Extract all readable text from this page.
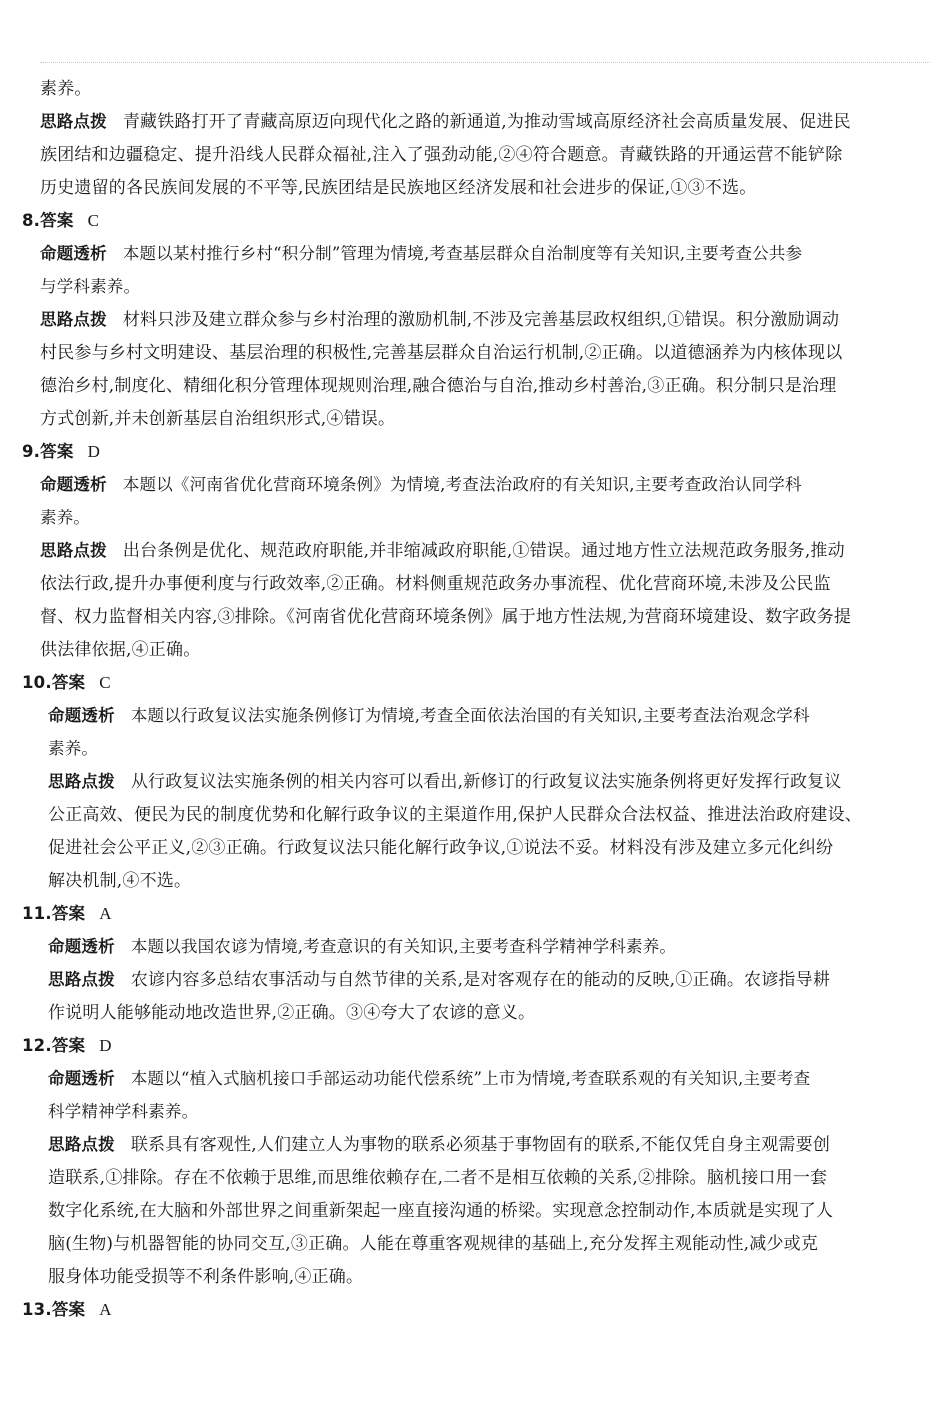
素养。
思路点拨 青藏铁路打开了青藏高原迈向现代化之路的新通道,为推动雪域高原经济社会高质量发展、促进民
族团结和边疆稳定、提升沿线人民群众福祉,注入了强劲动能,②④符合题意。青藏铁路的开通运营不能铲除
历史遗留的各民族间发展的不平等,民族团结是民族地区经济发展和社会进步的保证,①③不选。
8.答案 C
命题透析 本题以某村推行乡村“积分制”管理为情境,考查基层群众自治制度等有关知识,主要考查公共参
与学科素养。
思路点拨 材料只涉及建立群众参与乡村治理的激励机制,不涉及完善基层政权组织,①错误。积分激励调动
村民参与乡村文明建设、基层治理的积极性,完善基层群众自治运行机制,②正确。以道德涵养为内核体现以
德治乡村,制度化、精细化积分管理体现规则治理,融合德治与自治,推动乡村善治,③正确。积分制只是治理
方式创新,并未创新基层自治组织形式,④错误。
9.答案 D
命题透析 本题以《河南省优化营商环境条例》为情境,考查法治政府的有关知识,主要考查政治认同学科
素养。
思路点拨 出台条例是优化、规范政府职能,并非缩减政府职能,①错误。通过地方性立法规范政务服务,推动
依法行政,提升办事便利度与行政效率,②正确。材料侧重规范政务办事流程、优化营商环境,未涉及公民监
督、权力监督相关内容,③排除。《河南省优化营商环境条例》属于地方性法规,为营商环境建设、数字政务提
供法律依据,④正确。
10.答案 C
命题透析 本题以行政复议法实施条例修订为情境,考查全面依法治国的有关知识,主要考查法治观念学科
素养。
思路点拨 从行政复议法实施条例的相关内容可以看出,新修订的行政复议法实施条例将更好发挥行政复议
公正高效、便民为民的制度优势和化解行政争议的主渠道作用,保护人民群众合法权益、推进法治政府建设、
促进社会公平正义,②③正确。行政复议法只能化解行政争议,①说法不妥。材料没有涉及建立多元化纠纷
解决机制,④不选。
11.答案 A
命题透析 本题以我国农谚为情境,考查意识的有关知识,主要考查科学精神学科素养。
思路点拨 农谚内容多总结农事活动与自然节律的关系,是对客观存在的能动的反映,①正确。农谚指导耕
作说明人能够能动地改造世界,②正确。③④夸大了农谚的意义。
12.答案 D
命题透析 本题以“植入式脑机接口手部运动功能代偿系统”上市为情境,考查联系观的有关知识,主要考查
科学精神学科素养。
思路点拨 联系具有客观性,人们建立人为事物的联系必须基于事物固有的联系,不能仅凭自身主观需要创
造联系,①排除。存在不依赖于思维,而思维依赖存在,二者不是相互依赖的关系,②排除。脑机接口用一套
数字化系统,在大脑和外部世界之间重新架起一座直接沟通的桥梁。实现意念控制动作,本质就是实现了人
脑(生物)与机器智能的协同交互,③正确。人能在尊重客观规律的基础上,充分发挥主观能动性,减少或克
服身体功能受损等不利条件影响,④正确。
13.答案 A
